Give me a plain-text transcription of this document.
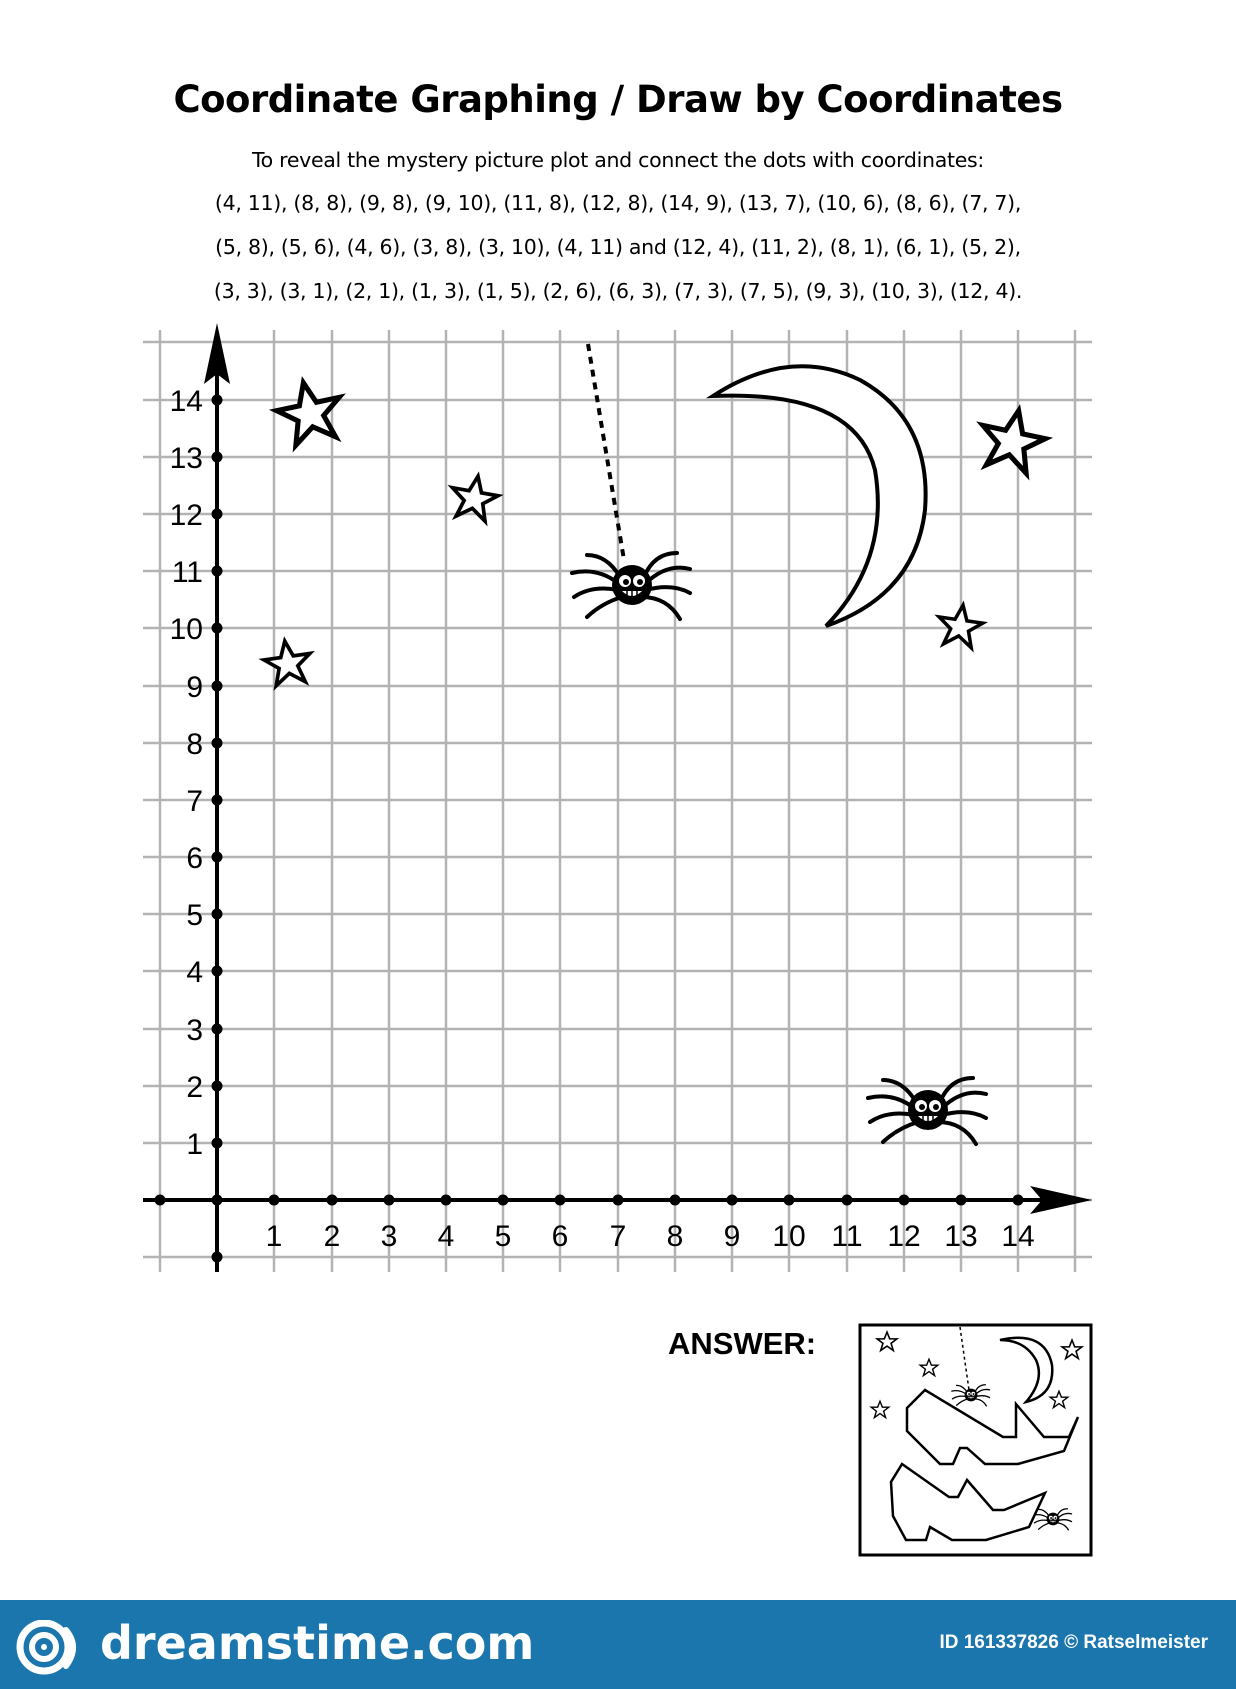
Coordinate Graphing / Draw by Coordinates
To reveal the mystery picture plot and connect the dots with coordinates:
(4, 11), (8, 8), (9, 8), (9, 10), (11, 8), (12, 8), (14, 9), (13, 7), (10, 6), (8, 6), (7, 7),
(5, 8), (5, 6), (4, 6), (3, 8), (3, 10), (4, 11) and (12, 4), (11, 2), (8, 1), (6, 1), (5, 2),
(3, 3), (3, 1), (2, 1), (1, 3), (1, 5), (2, 6), (6, 3), (7, 3), (7, 5), (9, 3), (10, 3), (12, 4).
1 2 3 4 5 6 7 8 9 10 11 12 13 14
1
2
3
4
5
6
7
8
9
10
11
12
13
14
ANSWER:
dreamstime.com	ID 161337826 © Ratselmeister
